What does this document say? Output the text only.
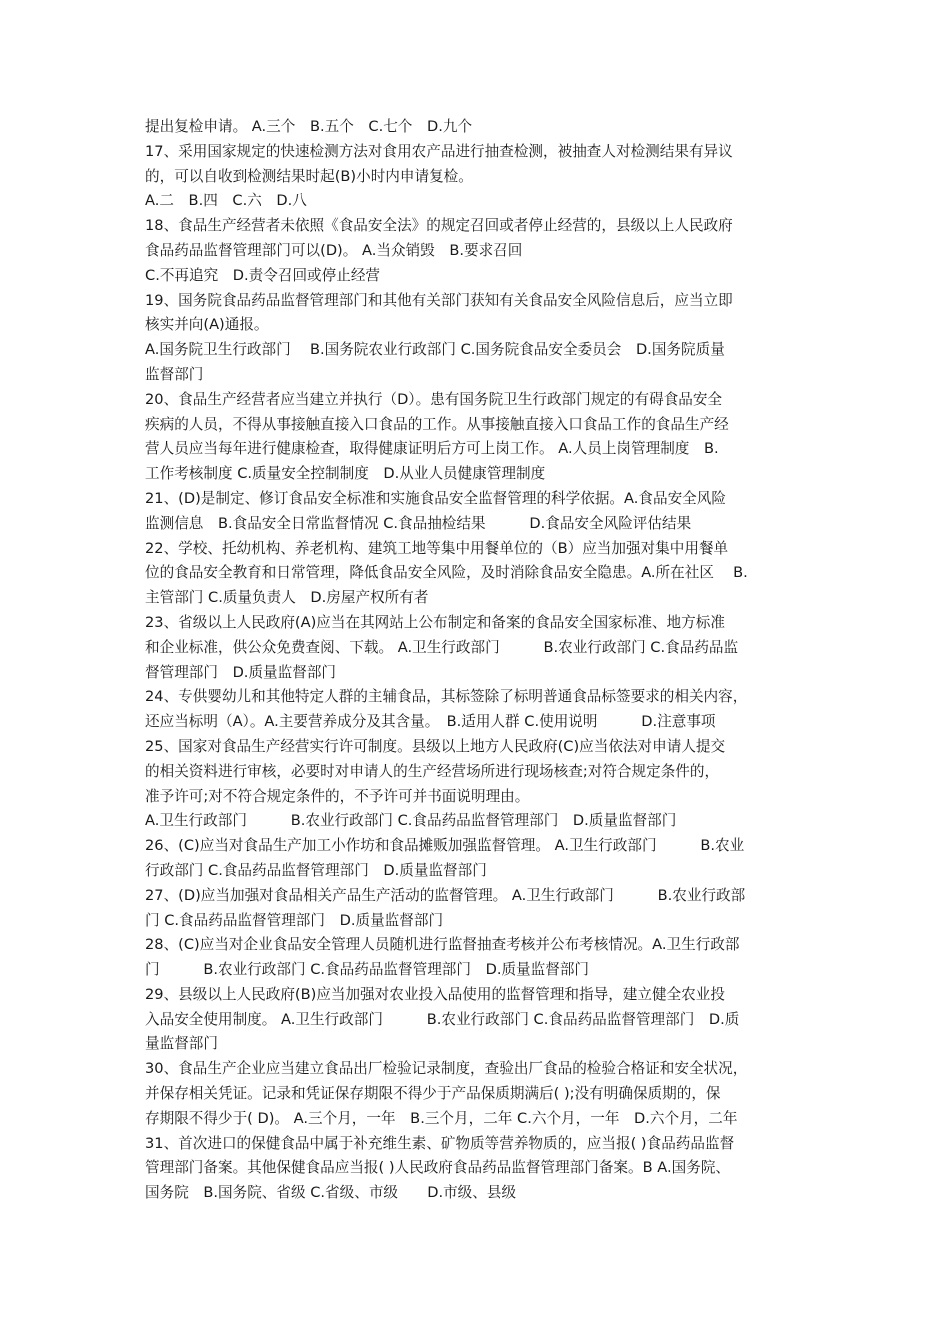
提出复检申请。 A.三个　B.五个　C.七个　D.九个
17、采用国家规定的快速检测方法对食用农产品进行抽查检测，被抽查人对检测结果有异议
的，可以自收到检测结果时起(B)小时内申请复检。
A.二　B.四　C.六　D.八
18、食品生产经营者未依照《食品安全法》的规定召回或者停止经营的，县级以上人民政府
食品药品监督管理部门可以(D)。 A.当众销毁　B.要求召回
C.不再追究　D.责令召回或停止经营
19、国务院食品药品监督管理部门和其他有关部门获知有关食品安全风险信息后，应当立即
核实并向(A)通报。
A.国务院卫生行政部门　 B.国务院农业行政部门 C.国务院食品安全委员会　D.国务院质量
监督部门
20、食品生产经营者应当建立并执行（D）。患有国务院卫生行政部门规定的有碍食品安全
疾病的人员，不得从事接触直接入口食品的工作。从事接触直接入口食品工作的食品生产经
营人员应当每年进行健康检查，取得健康证明后方可上岗工作。 A.人员上岗管理制度　B.
工作考核制度 C.质量安全控制制度　D.从业人员健康管理制度
21、(D)是制定、修订食品安全标准和实施食品安全监督管理的科学依据。A.食品安全风险
监测信息　B.食品安全日常监督情况 C.食品抽检结果　　　D.食品安全风险评估结果
22、学校、托幼机构、养老机构、建筑工地等集中用餐单位的（B）应当加强对集中用餐单
位的食品安全教育和日常管理，降低食品安全风险，及时消除食品安全隐患。A.所在社区　 B.
主管部门 C.质量负责人　D.房屋产权所有者
23、省级以上人民政府(A)应当在其网站上公布制定和备案的食品安全国家标准、地方标准
和企业标准，供公众免费查阅、下载。 A.卫生行政部门　　　B.农业行政部门 C.食品药品监
督管理部门　D.质量监督部门
24、专供婴幼儿和其他特定人群的主辅食品，其标签除了标明普通食品标签要求的相关内容，
还应当标明（A）。A.主要营养成分及其含量。　B.适用人群 C.使用说明　　　D.注意事项
25、国家对食品生产经营实行许可制度。县级以上地方人民政府(C)应当依法对申请人提交
的相关资料进行审核，必要时对申请人的生产经营场所进行现场核查;对符合规定条件的，
准予许可;对不符合规定条件的，不予许可并书面说明理由。
A.卫生行政部门　　　B.农业行政部门 C.食品药品监督管理部门　D.质量监督部门
26、(C)应当对食品生产加工小作坊和食品摊贩加强监督管理。 A.卫生行政部门　　　B.农业
行政部门 C.食品药品监督管理部门　D.质量监督部门
27、(D)应当加强对食品相关产品生产活动的监督管理。 A.卫生行政部门　　　B.农业行政部
门 C.食品药品监督管理部门　D.质量监督部门
28、(C)应当对企业食品安全管理人员随机进行监督抽查考核并公布考核情况。A.卫生行政部
门　　　B.农业行政部门 C.食品药品监督管理部门　D.质量监督部门
29、县级以上人民政府(B)应当加强对农业投入品使用的监督管理和指导，建立健全农业投
入品安全使用制度。 A.卫生行政部门　　　B.农业行政部门 C.食品药品监督管理部门　D.质
量监督部门
30、食品生产企业应当建立食品出厂检验记录制度，查验出厂食品的检验合格证和安全状况，
并保存相关凭证。记录和凭证保存期限不得少于产品保质期满后( );没有明确保质期的，保
存期限不得少于( D)。 A.三个月，一年　B.三个月，二年 C.六个月，一年　D.六个月，二年
31、首次进口的保健食品中属于补充维生素、矿物质等营养物质的，应当报( )食品药品监督
管理部门备案。其他保健食品应当报( )人民政府食品药品监督管理部门备案。B A.国务院、
国务院　B.国务院、省级 C.省级、市级　　D.市级、县级
